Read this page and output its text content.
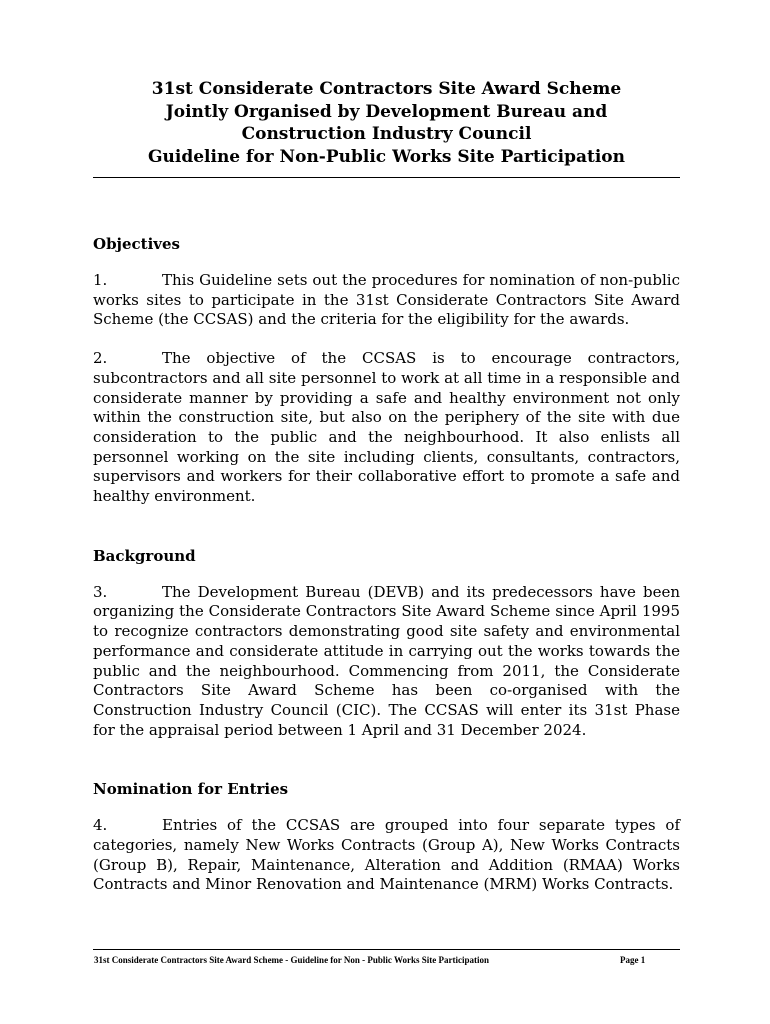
31st Considerate Contractors Site Award Scheme
Jointly Organised by Development Bureau and
Construction Industry Council
Guideline for Non-Public Works Site Participation
Objectives

1.	This Guideline sets out the procedures for nomination of non-public works sites to participate in the 31st Considerate Contractors Site Award Scheme (the CCSAS) and the criteria for the eligibility for the awards.

2.	The objective of the CCSAS is to encourage contractors, subcontractors and all site personnel to work at all time in a responsible and considerate manner by providing a safe and healthy environment not only within the construction site, but also on the periphery of the site with due consideration to the public and the neighbourhood. It also enlists all personnel working on the site including clients, consultants, contractors, supervisors and workers for their collaborative effort to promote a safe and healthy environment.

Background

3.	The Development Bureau (DEVB) and its predecessors have been organizing the Considerate Contractors Site Award Scheme since April 1995 to recognize contractors demonstrating good site safety and environmental performance and considerate attitude in carrying out the works towards the public and the neighbourhood. Commencing from 2011, the Considerate Contractors Site Award Scheme has been co-organised with the Construction Industry Council (CIC). The CCSAS will enter its 31st Phase for the appraisal period between 1 April and 31 December 2024.

Nomination for Entries

4.	Entries of the CCSAS are grouped into four separate types of categories, namely New Works Contracts (Group A), New Works Contracts (Group B), Repair, Maintenance, Alteration and Addition (RMAA) Works Contracts and Minor Renovation and Maintenance (MRM) Works Contracts.

31st Considerate Contractors Site Award Scheme - Guideline for Non - Public Works Site Participation	Page 1
